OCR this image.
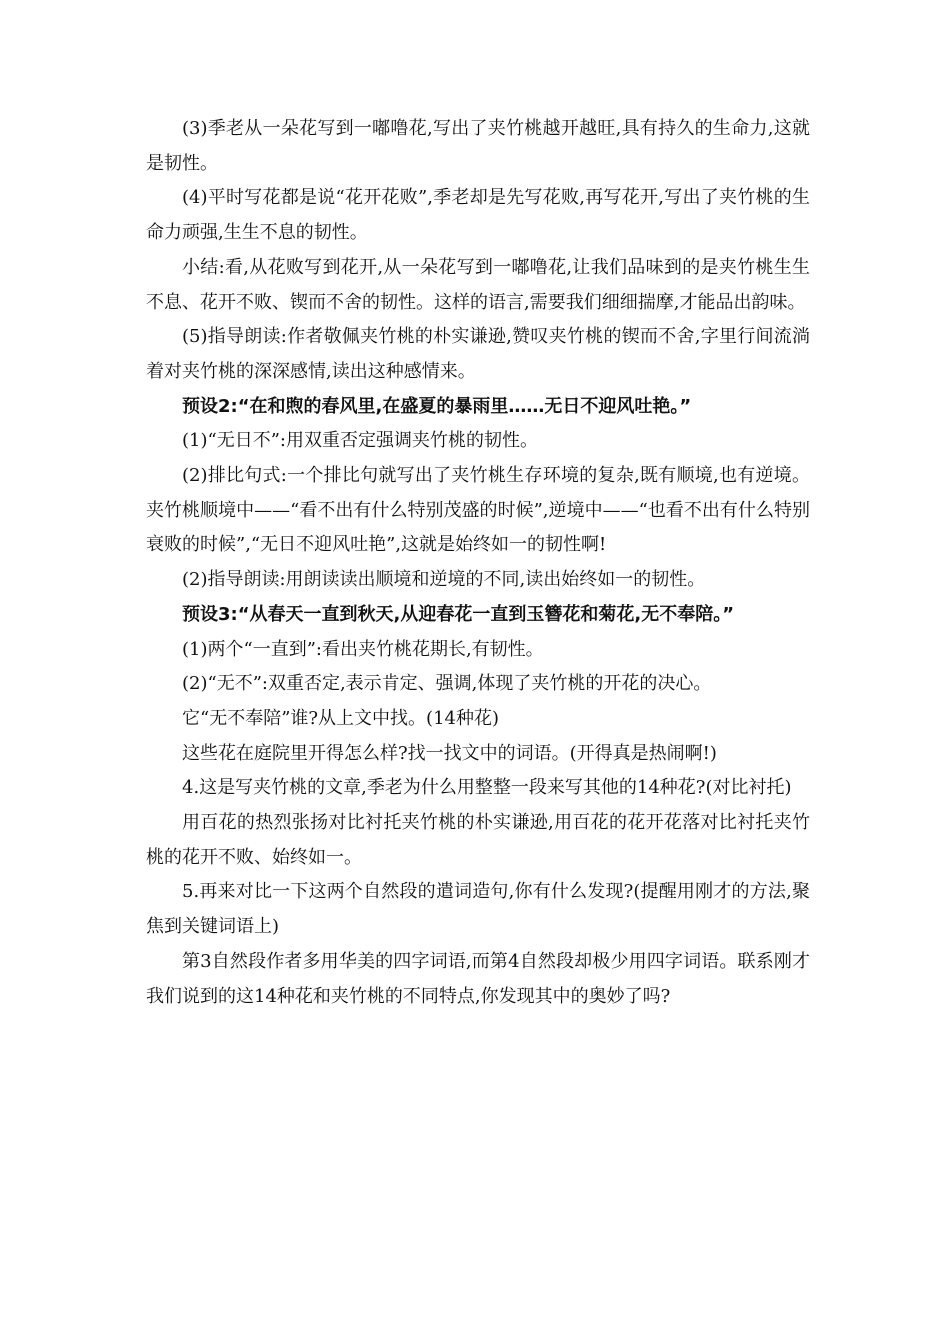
(3)季老从一朵花写到一嘟噜花,写出了夹竹桃越开越旺,具有持久的生命力,这就是韧性。

(4)平时写花都是说“花开花败”,季老却是先写花败,再写花开,写出了夹竹桃的生命力顽强,生生不息的韧性。

小结:看,从花败写到花开,从一朵花写到一嘟噜花,让我们品味到的是夹竹桃生生不息、花开不败、锲而不舍的韧性。这样的语言,需要我们细细揣摩,才能品出韵味。

(5)指导朗读:作者敬佩夹竹桃的朴实谦逊,赞叹夹竹桃的锲而不舍,字里行间流淌着对夹竹桃的深深感情,读出这种感情来。

预设2:“在和煦的春风里,在盛夏的暴雨里……无日不迎风吐艳。”

(1)“无日不”:用双重否定强调夹竹桃的韧性。

(2)排比句式:一个排比句就写出了夹竹桃生存环境的复杂,既有顺境,也有逆境。夹竹桃顺境中——“看不出有什么特别茂盛的时候”,逆境中——“也看不出有什么特别衰败的时候”,“无日不迎风吐艳”,这就是始终如一的韧性啊!

(2)指导朗读:用朗读读出顺境和逆境的不同,读出始终如一的韧性。

预设3:“从春天一直到秋天,从迎春花一直到玉簪花和菊花,无不奉陪。”

(1)两个“一直到”:看出夹竹桃花期长,有韧性。

(2)“无不”:双重否定,表示肯定、强调,体现了夹竹桃的开花的决心。

它“无不奉陪”谁?从上文中找。(14种花)

这些花在庭院里开得怎么样?找一找文中的词语。(开得真是热闹啊!)

4.这是写夹竹桃的文章,季老为什么用整整一段来写其他的14种花?(对比衬托)

用百花的热烈张扬对比衬托夹竹桃的朴实谦逊,用百花的花开花落对比衬托夹竹桃的花开不败、始终如一。

5.再来对比一下这两个自然段的遣词造句,你有什么发现?(提醒用刚才的方法,聚焦到关键词语上)

第3自然段作者多用华美的四字词语,而第4自然段却极少用四字词语。联系刚才我们说到的这14种花和夹竹桃的不同特点,你发现其中的奥妙了吗?
